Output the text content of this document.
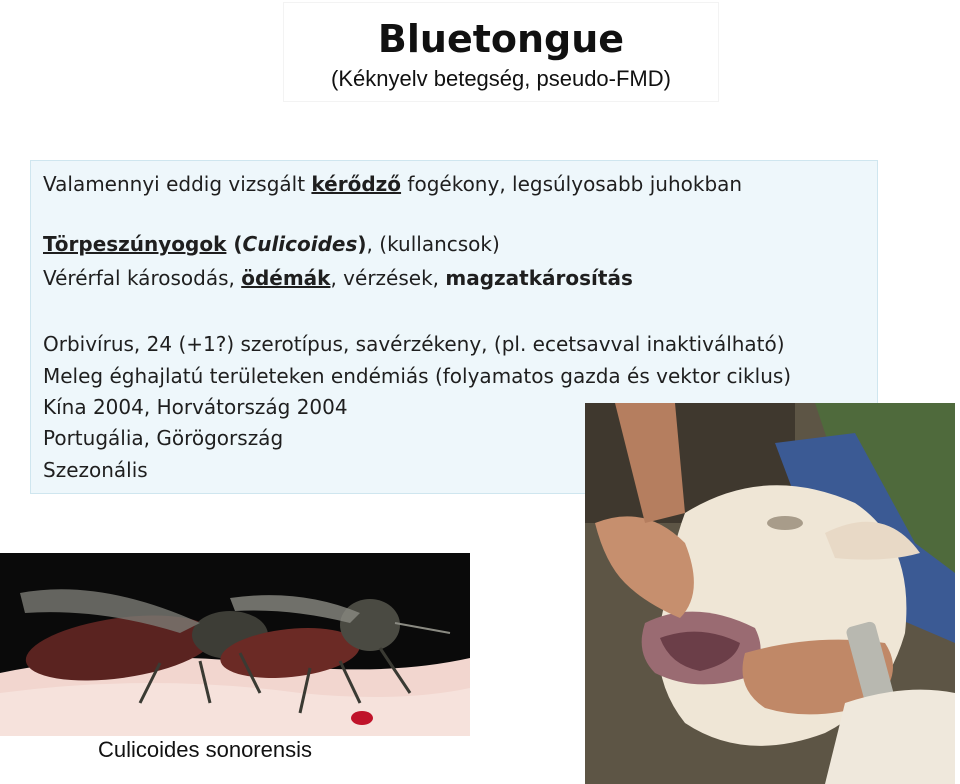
Bluetongue
(Kéknyelv betegség, pseudo-FMD)
Valamennyi eddig vizsgált kérődző fogékony, legsúlyosabb juhokban
Törpeszúnyogok (Culicoides), (kullancsok)
Vérérfal károsodás, ödémák, vérzések, magzatkárosítás
Orbivírus, 24 (+1?) szerotípus, savérzékeny, (pl. ecetsavval inaktiválható)
Meleg éghajlatú területeken endémiás (folyamatos gazda és vektor ciklus)
Kína 2004, Horvátország 2004
Portugália, Görögország
Szezonális
Culicoides sonorensis
